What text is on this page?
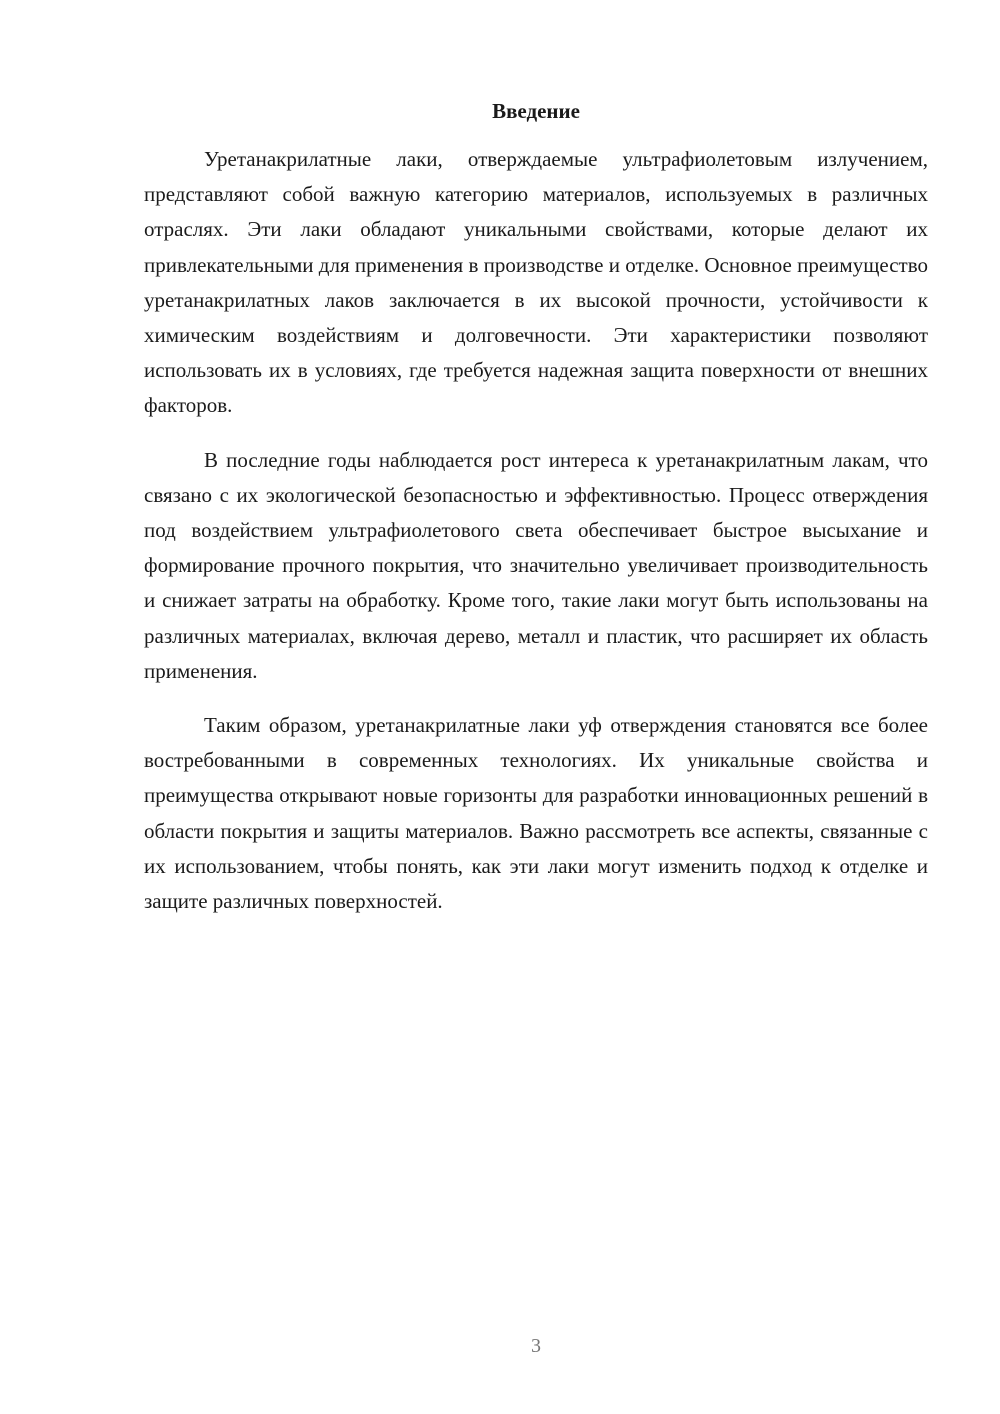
Введение

Уретанакрилатные лаки, отверждаемые ультрафиолетовым излучением, представляют собой важную категорию материалов, используемых в различных отраслях. Эти лаки обладают уникальными свойствами, которые делают их привлекательными для применения в производстве и отделке. Основное преимущество уретанакрилатных лаков заключается в их высокой прочности, устойчивости к химическим воздействиям и долговечности. Эти характеристики позволяют использовать их в условиях, где требуется надежная защита поверхности от внешних факторов.

В последние годы наблюдается рост интереса к уретанакрилатным лакам, что связано с их экологической безопасностью и эффективностью. Процесс отверждения под воздействием ультрафиолетового света обеспечивает быстрое высыхание и формирование прочного покрытия, что значительно увеличивает производительность и снижает затраты на обработку. Кроме того, такие лаки могут быть использованы на различных материалах, включая дерево, металл и пластик, что расширяет их область применения.

Таким образом, уретанакрилатные лаки уф отверждения становятся все более востребованными в современных технологиях. Их уникальные свойства и преимущества открывают новые горизонты для разработки инновационных решений в области покрытия и защиты материалов. Важно рассмотреть все аспекты, связанные с их использованием, чтобы понять, как эти лаки могут изменить подход к отделке и защите различных поверхностей.

3
